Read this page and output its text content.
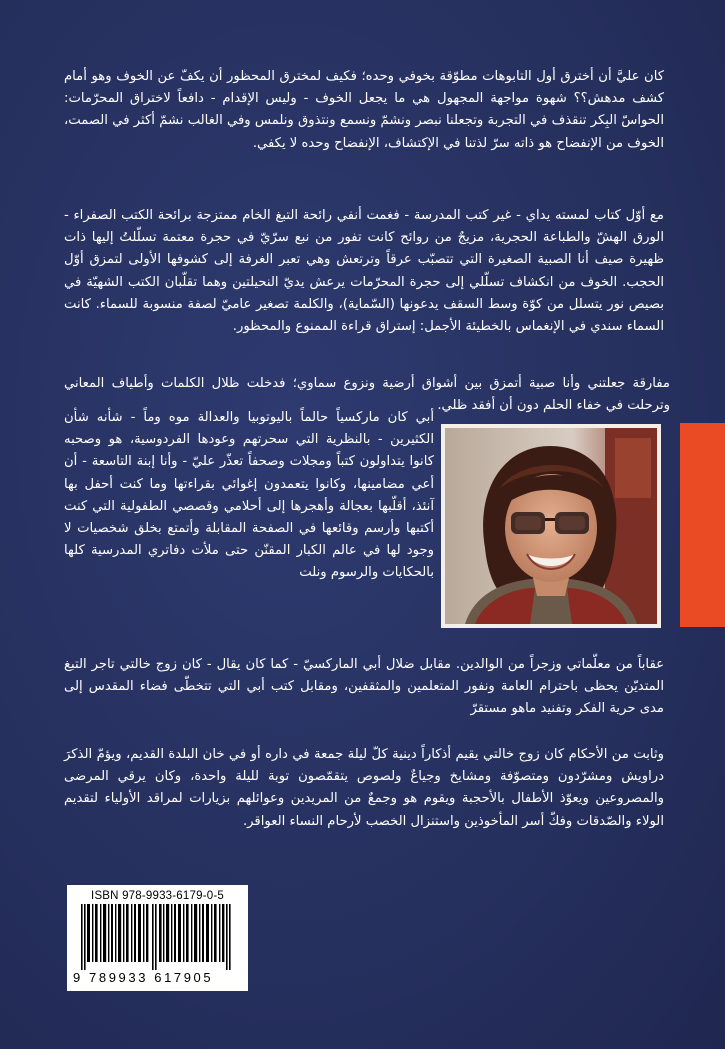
كان عليَّ أن أخترق أول التابوهات مطوّقة بخوفي وحده؛ فكيف لمخترق المحظور أن يكفّ عن الخوف وهو أمام كشف مدهش؟؟ شهوة مواجهة المجهول هي ما يجعل الخوف - وليس الإقدام - دافعاً لاختراق المحرّمات: الحواسّ البِكر تنقذف في التجربة وتجعلنا نبصر ونشمّ ونسمع ونتذوق ونلمس وفي الغالب نشمّ أكثر في الصمت، الخوف من الإنفضاح هو ذاته سرّ لذتنا في الإكتشاف، الإنفضاح وحده لا يكفي.

مع أوّل كتاب لمسته يداي - غير كتب المدرسة - فغمت أنفي رائحة التبغ الخام ممتزجة برائحة الكتب الصفراء - الورق الهشّ والطباعة الحجرية، مزيجٌ من روائح كانت تفور من نبع سرّيّ في حجرة معتمة تسلّلتُ إليها ذات ظهيرة صيف أنا الصبية الصغيرة التي تتصبّب عرقاً وترتعش وهي تعبر الغرفة إلى كشوفها الأولى لتمزق أوّل الحجب. الخوف من انكشاف تسلّلي إلى حجرة المحرّمات يرعش يديّ النحيلتين وهما تقلّبان الكتب الشهيّة في بصيص نور يتسلل من كوّة وسط السقف يدعونها (السّماية)، والكلمة تصغير عاميّ لصفة منسوبة للسماء. كانت السماء سندي في الإنغماس بالخطيئة الأجمل: إستراق قراءة الممنوع والمحظور.

مفارقة جعلتني وأنا صبية أتمزق بين أشواق أرضية ونزوع سماوي؛ فدخلت ظلال الكلمات وأطياف المعاني وترحلت في خفاء الحلم دون أن أفقد ظلي.

أبي كان ماركسياً حالماً باليوتوبيا والعدالة موه وماً - شأنه شأن الكثيرين - بالنظرية التي سحرتهم وعودها الفردوسية، هو وصحبه كانوا يتداولون كتباً ومجلات وصحفاً تعذّر عليّ - وأنا إبنة التاسعة - أن أعي مضامينها، وكانوا يتعمدون إغوائي بقراءتها وما كنت أحفل بها آنئذ، أقلّبها بعجالة وأهجرها إلى أحلامي وقصصي الطفولية التي كنت أكتبها وأرسم وقائعها في الصفحة المقابلة وأتمتع بخلق شخصيات لا وجود لها في عالم الكبار المقنّن حتى ملأت دفاتري المدرسية كلها بالحكايات والرسوم ونلت

عقاباً من معلّماتي وزجراً من الوالدين. مقابل ضلال أبي الماركسيّ - كما كان يقال - كان زوج خالتي تاجر التبغ المتديّن يحظى باحترام العامة ونفور المتعلمين والمثقفين، ومقابل كتب أبي التي تتخطّى فضاء المقدس إلى مدى حرية الفكر وتفنيد ماهو مستقرّ

وثابت من الأحكام كان زوج خالتي يقيم أذكاراً دينية كلّ ليلة جمعة في داره أو في خان البلدة القديم، ويؤمّ الذكرَ دراويش ومشرّدون ومتصوّفة ومشايخ وجياعٌ ولصوص يتقمّصون توبة لليلة واحدة، وكان يرقي المرضى والمصروعين ويعوّذ الأطفال بالأحجبة ويقوم هو وجمعٌ من المريدين وعوائلهم بزيارات لمراقد الأولياء لتقديم الولاء والصّدقات وفكّ أسر المأخوذين واستنزال الخصب لأرحام النساء العواقر.

ISBN 978-9933-6179-0-5
9 789933 617905
